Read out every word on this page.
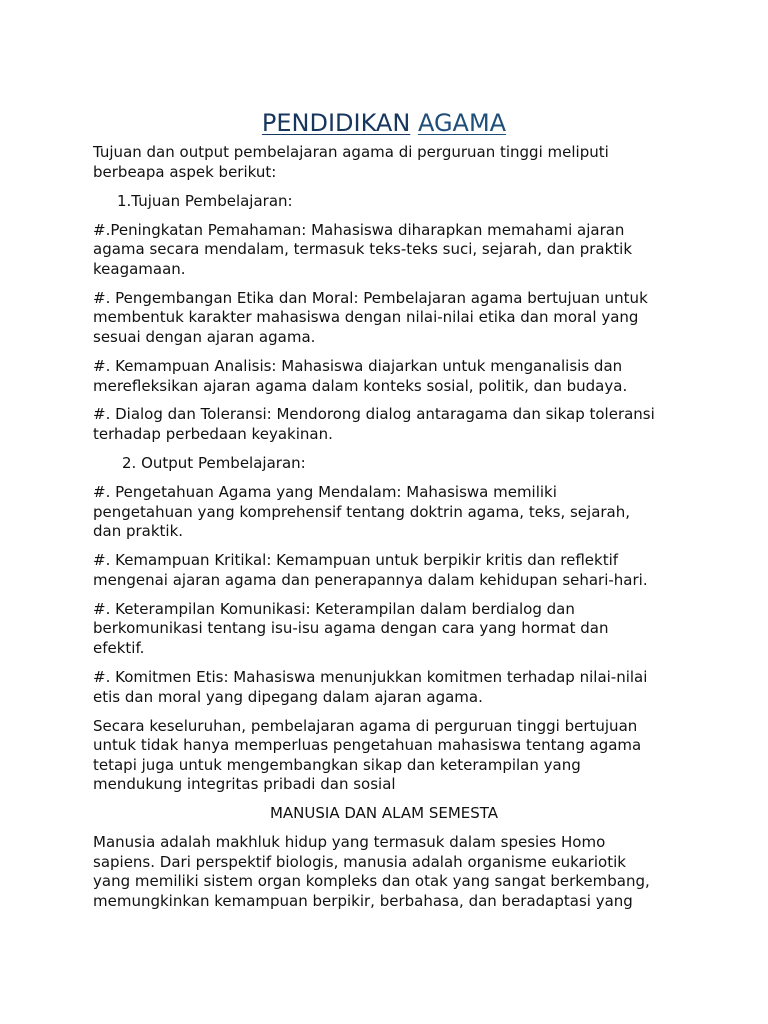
PENDIDIKAN AGAMA

Tujuan dan output pembelajaran agama di perguruan tinggi meliputi
berbeapa aspek berikut:

1.Tujuan Pembelajaran:

#.Peningkatan Pemahaman: Mahasiswa diharapkan memahami ajaran
agama secara mendalam, termasuk teks-teks suci, sejarah, dan praktik
keagamaan.

#. Pengembangan Etika dan Moral: Pembelajaran agama bertujuan untuk
membentuk karakter mahasiswa dengan nilai-nilai etika dan moral yang
sesuai dengan ajaran agama.

#. Kemampuan Analisis: Mahasiswa diajarkan untuk menganalisis dan
merefleksikan ajaran agama dalam konteks sosial, politik, dan budaya.

#. Dialog dan Toleransi: Mendorong dialog antaragama dan sikap toleransi
terhadap perbedaan keyakinan.

2. Output Pembelajaran:

#. Pengetahuan Agama yang Mendalam: Mahasiswa memiliki
pengetahuan yang komprehensif tentang doktrin agama, teks, sejarah,
dan praktik.

#. Kemampuan Kritikal: Kemampuan untuk berpikir kritis dan reflektif
mengenai ajaran agama dan penerapannya dalam kehidupan sehari-hari.

#. Keterampilan Komunikasi: Keterampilan dalam berdialog dan
berkomunikasi tentang isu-isu agama dengan cara yang hormat dan
efektif.

#. Komitmen Etis: Mahasiswa menunjukkan komitmen terhadap nilai-nilai
etis dan moral yang dipegang dalam ajaran agama.

Secara keseluruhan, pembelajaran agama di perguruan tinggi bertujuan
untuk tidak hanya memperluas pengetahuan mahasiswa tentang agama
tetapi juga untuk mengembangkan sikap dan keterampilan yang
mendukung integritas pribadi dan sosial

MANUSIA DAN ALAM SEMESTA

Manusia adalah makhluk hidup yang termasuk dalam spesies Homo
sapiens. Dari perspektif biologis, manusia adalah organisme eukariotik
yang memiliki sistem organ kompleks dan otak yang sangat berkembang,
memungkinkan kemampuan berpikir, berbahasa, dan beradaptasi yang
